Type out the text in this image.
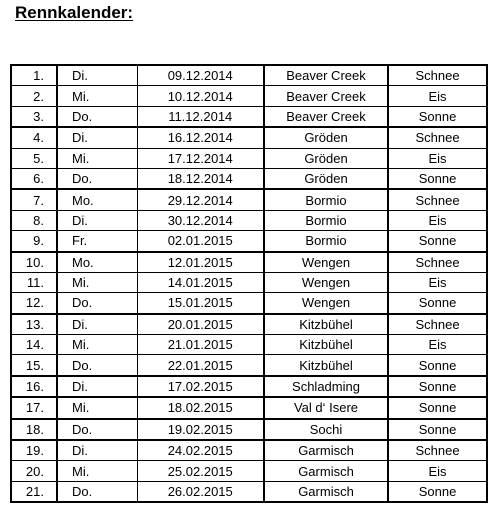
Rennkalender:
1.	Di.	09.12.2014	Beaver Creek	Schnee
2.	Mi.	10.12.2014	Beaver Creek	Eis
3.	Do.	11.12.2014	Beaver Creek	Sonne
4.	Di.	16.12.2014	Gröden	Schnee
5.	Mi.	17.12.2014	Gröden	Eis
6.	Do.	18.12.2014	Gröden	Sonne
7.	Mo.	29.12.2014	Bormio	Schnee
8.	Di.	30.12.2014	Bormio	Eis
9.	Fr.	02.01.2015	Bormio	Sonne
10.	Mo.	12.01.2015	Wengen	Schnee
11.	Mi.	14.01.2015	Wengen	Eis
12.	Do.	15.01.2015	Wengen	Sonne
13.	Di.	20.01.2015	Kitzbühel	Schnee
14.	Mi.	21.01.2015	Kitzbühel	Eis
15.	Do.	22.01.2015	Kitzbühel	Sonne
16.	Di.	17.02.2015	Schladming	Sonne
17.	Mi.	18.02.2015	Val d‘ Isere	Sonne
18.	Do.	19.02.2015	Sochi	Sonne
19.	Di.	24.02.2015	Garmisch	Schnee
20.	Mi.	25.02.2015	Garmisch	Eis
21.	Do.	26.02.2015	Garmisch	Sonne
